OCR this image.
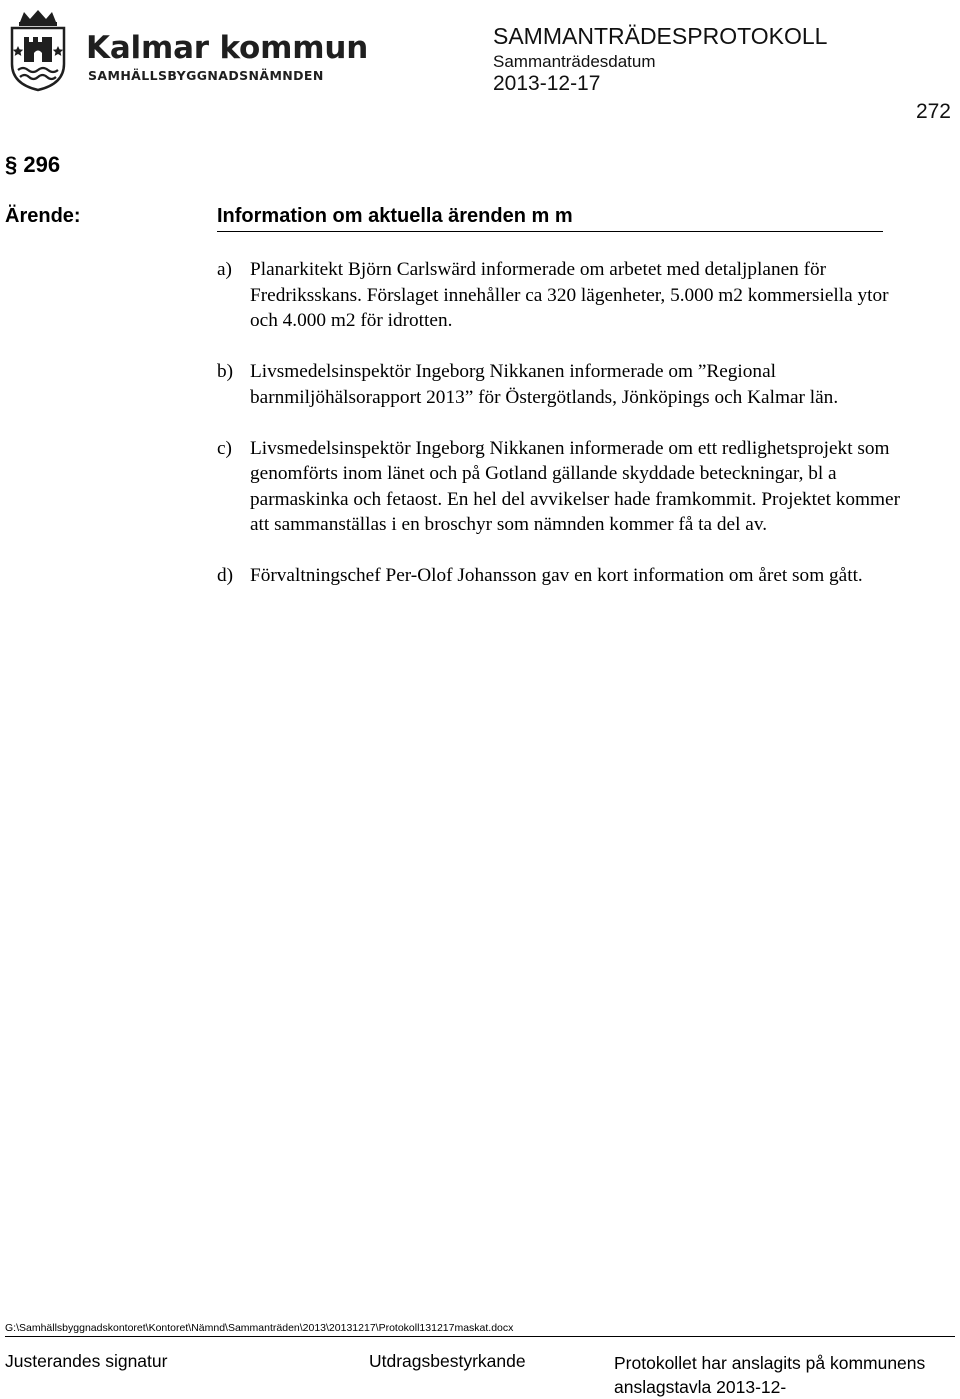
Kalmar kommun
SAMHÄLLSBYGGNADSNÄMNDEN
SAMMANTRÄDESPROTOKOLL
Sammanträdesdatum
2013-12-17
272
§ 296
Ärende:	Information om aktuella ärenden m m
a) Planarkitekt Björn Carlswärd informerade om arbetet med detaljplanen för Fredriksskans. Förslaget innehåller ca 320 lägenheter, 5.000 m2 kommersiella ytor och 4.000 m2 för idrotten.
b) Livsmedelsinspektör Ingeborg Nikkanen informerade om ”Regional barnmiljöhälsorapport 2013” för Östergötlands, Jönköpings och Kalmar län.
c) Livsmedelsinspektör Ingeborg Nikkanen informerade om ett redlighetsprojekt som genomförts inom länet och på Gotland gällande skyddade beteckningar, bl a parmaskinka och fetaost. En hel del avvikelser hade framkommit. Projektet kommer att sammanställas i en broschyr som nämnden kommer få ta del av.
d) Förvaltningschef Per-Olof Johansson gav en kort information om året som gått.
G:\Samhällsbyggnadskontoret\Kontoret\Nämnd\Sammanträden\2013\20131217\Protokoll131217maskat.docx
Justerandes signatur	Utdragsbestyrkande	Protokollet har anslagits på kommunens anslagstavla 2013-12-
